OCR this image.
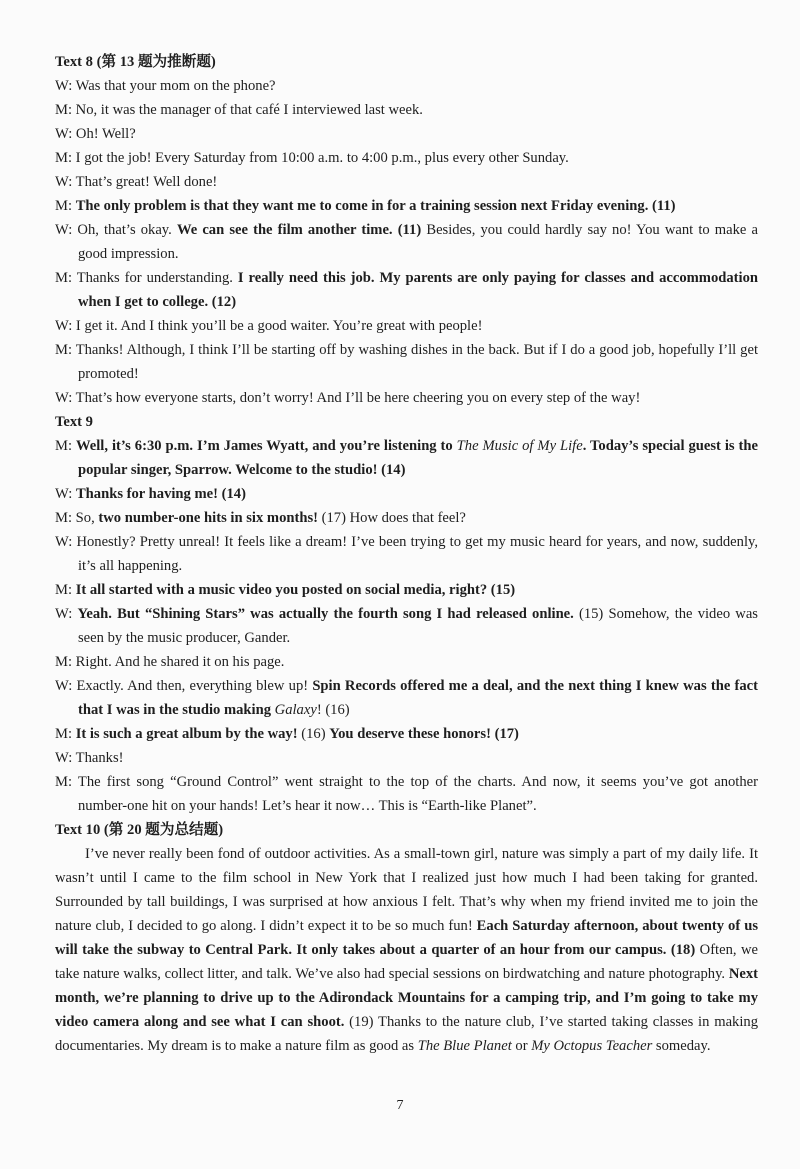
Text 8 (第 13 题为推断题)
W: Was that your mom on the phone?
M: No, it was the manager of that café I interviewed last week.
W: Oh! Well?
M: I got the job! Every Saturday from 10:00 a.m. to 4:00 p.m., plus every other Sunday.
W: That’s great! Well done!
M: The only problem is that they want me to come in for a training session next Friday evening. (11)
W: Oh, that’s okay. We can see the film another time. (11) Besides, you could hardly say no! You want to make a good impression.
M: Thanks for understanding. I really need this job. My parents are only paying for classes and accommodation when I get to college. (12)
W: I get it. And I think you’ll be a good waiter. You’re great with people!
M: Thanks! Although, I think I’ll be starting off by washing dishes in the back. But if I do a good job, hopefully I’ll get promoted!
W: That’s how everyone starts, don’t worry! And I’ll be here cheering you on every step of the way!
Text 9
M: Well, it’s 6:30 p.m. I’m James Wyatt, and you’re listening to The Music of My Life. Today’s special guest is the popular singer, Sparrow. Welcome to the studio! (14)
W: Thanks for having me! (14)
M: So, two number-one hits in six months! (17) How does that feel?
W: Honestly? Pretty unreal! It feels like a dream! I’ve been trying to get my music heard for years, and now, suddenly, it’s all happening.
M: It all started with a music video you posted on social media, right? (15)
W: Yeah. But “Shining Stars” was actually the fourth song I had released online. (15) Somehow, the video was seen by the music producer, Gander.
M: Right. And he shared it on his page.
W: Exactly. And then, everything blew up! Spin Records offered me a deal, and the next thing I knew was the fact that I was in the studio making Galaxy! (16)
M: It is such a great album by the way! (16) You deserve these honors! (17)
W: Thanks!
M: The first song “Ground Control” went straight to the top of the charts. And now, it seems you’ve got another number-one hit on your hands! Let’s hear it now… This is “Earth-like Planet”.
Text 10 (第 20 题为总结题)
I’ve never really been fond of outdoor activities. As a small-town girl, nature was simply a part of my daily life. It wasn’t until I came to the film school in New York that I realized just how much I had been taking for granted. Surrounded by tall buildings, I was surprised at how anxious I felt. That’s why when my friend invited me to join the nature club, I decided to go along. I didn’t expect it to be so much fun! Each Saturday afternoon, about twenty of us will take the subway to Central Park. It only takes about a quarter of an hour from our campus. (18) Often, we take nature walks, collect litter, and talk. We’ve also had special sessions on birdwatching and nature photography. Next month, we’re planning to drive up to the Adirondack Mountains for a camping trip, and I’m going to take my video camera along and see what I can shoot. (19) Thanks to the nature club, I’ve started taking classes in making documentaries. My dream is to make a nature film as good as The Blue Planet or My Octopus Teacher someday.
7
